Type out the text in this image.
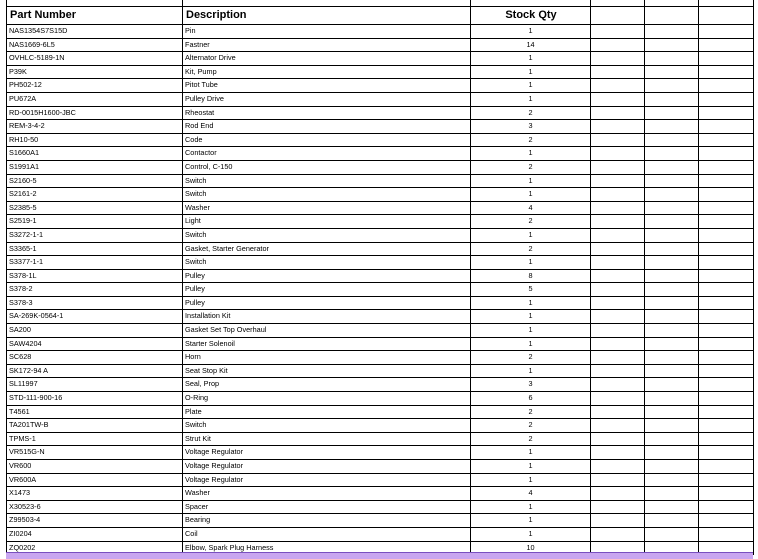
Part Number	Description	Stock Qty			
NAS1354S7S15D	Pin	1			
NAS1669-6L5	Fastner	14			
OVHLC-5189-1N	Alternator Drive	1			
P39K	Kit, Pump	1			
PH502-12	Pitot Tube	1			
PU672A	Pulley Drive	1			
RD-0015H1600-JBC	Rheostat	2			
REM-3-4-2	Rod End	3			
RH10-50	Code	2			
S1660A1	Contactor	1			
S1991A1	Control, C-150	2			
S2160-5	Switch	1			
S2161-2	Switch	1			
S2385-5	Washer	4			
S2519-1	Light	2			
S3272-1-1	Switch	1			
S3365-1	Gasket, Starter Generator	2			
S3377-1-1	Switch	1			
S378-1L	Pulley	8			
S378-2	Pulley	5			
S378-3	Pulley	1			
SA-269K-0564-1	Installation Kit	1			
SA200	Gasket Set Top Overhaul	1			
SAW4204	Starter Solenoil	1			
SC628	Horn	2			
SK172-94 A	Seat Stop Kit	1			
SL11997	Seal, Prop	3			
STD-111-900-16	O-Ring	6			
T4561	Plate	2			
TA201TW-B	Switch	2			
TPMS-1	Strut Kit	2			
VR515G-N	Voltage Regulator	1			
VR600	Voltage Regulator	1			
VR600A	Voltage Regulator	1			
X1473	Washer	4			
X30523-6	Spacer	1			
Z99503-4	Bearing	1			
ZI0204	Coil	1			
ZQ0202	Elbow, Spark Plug Harness	10			
